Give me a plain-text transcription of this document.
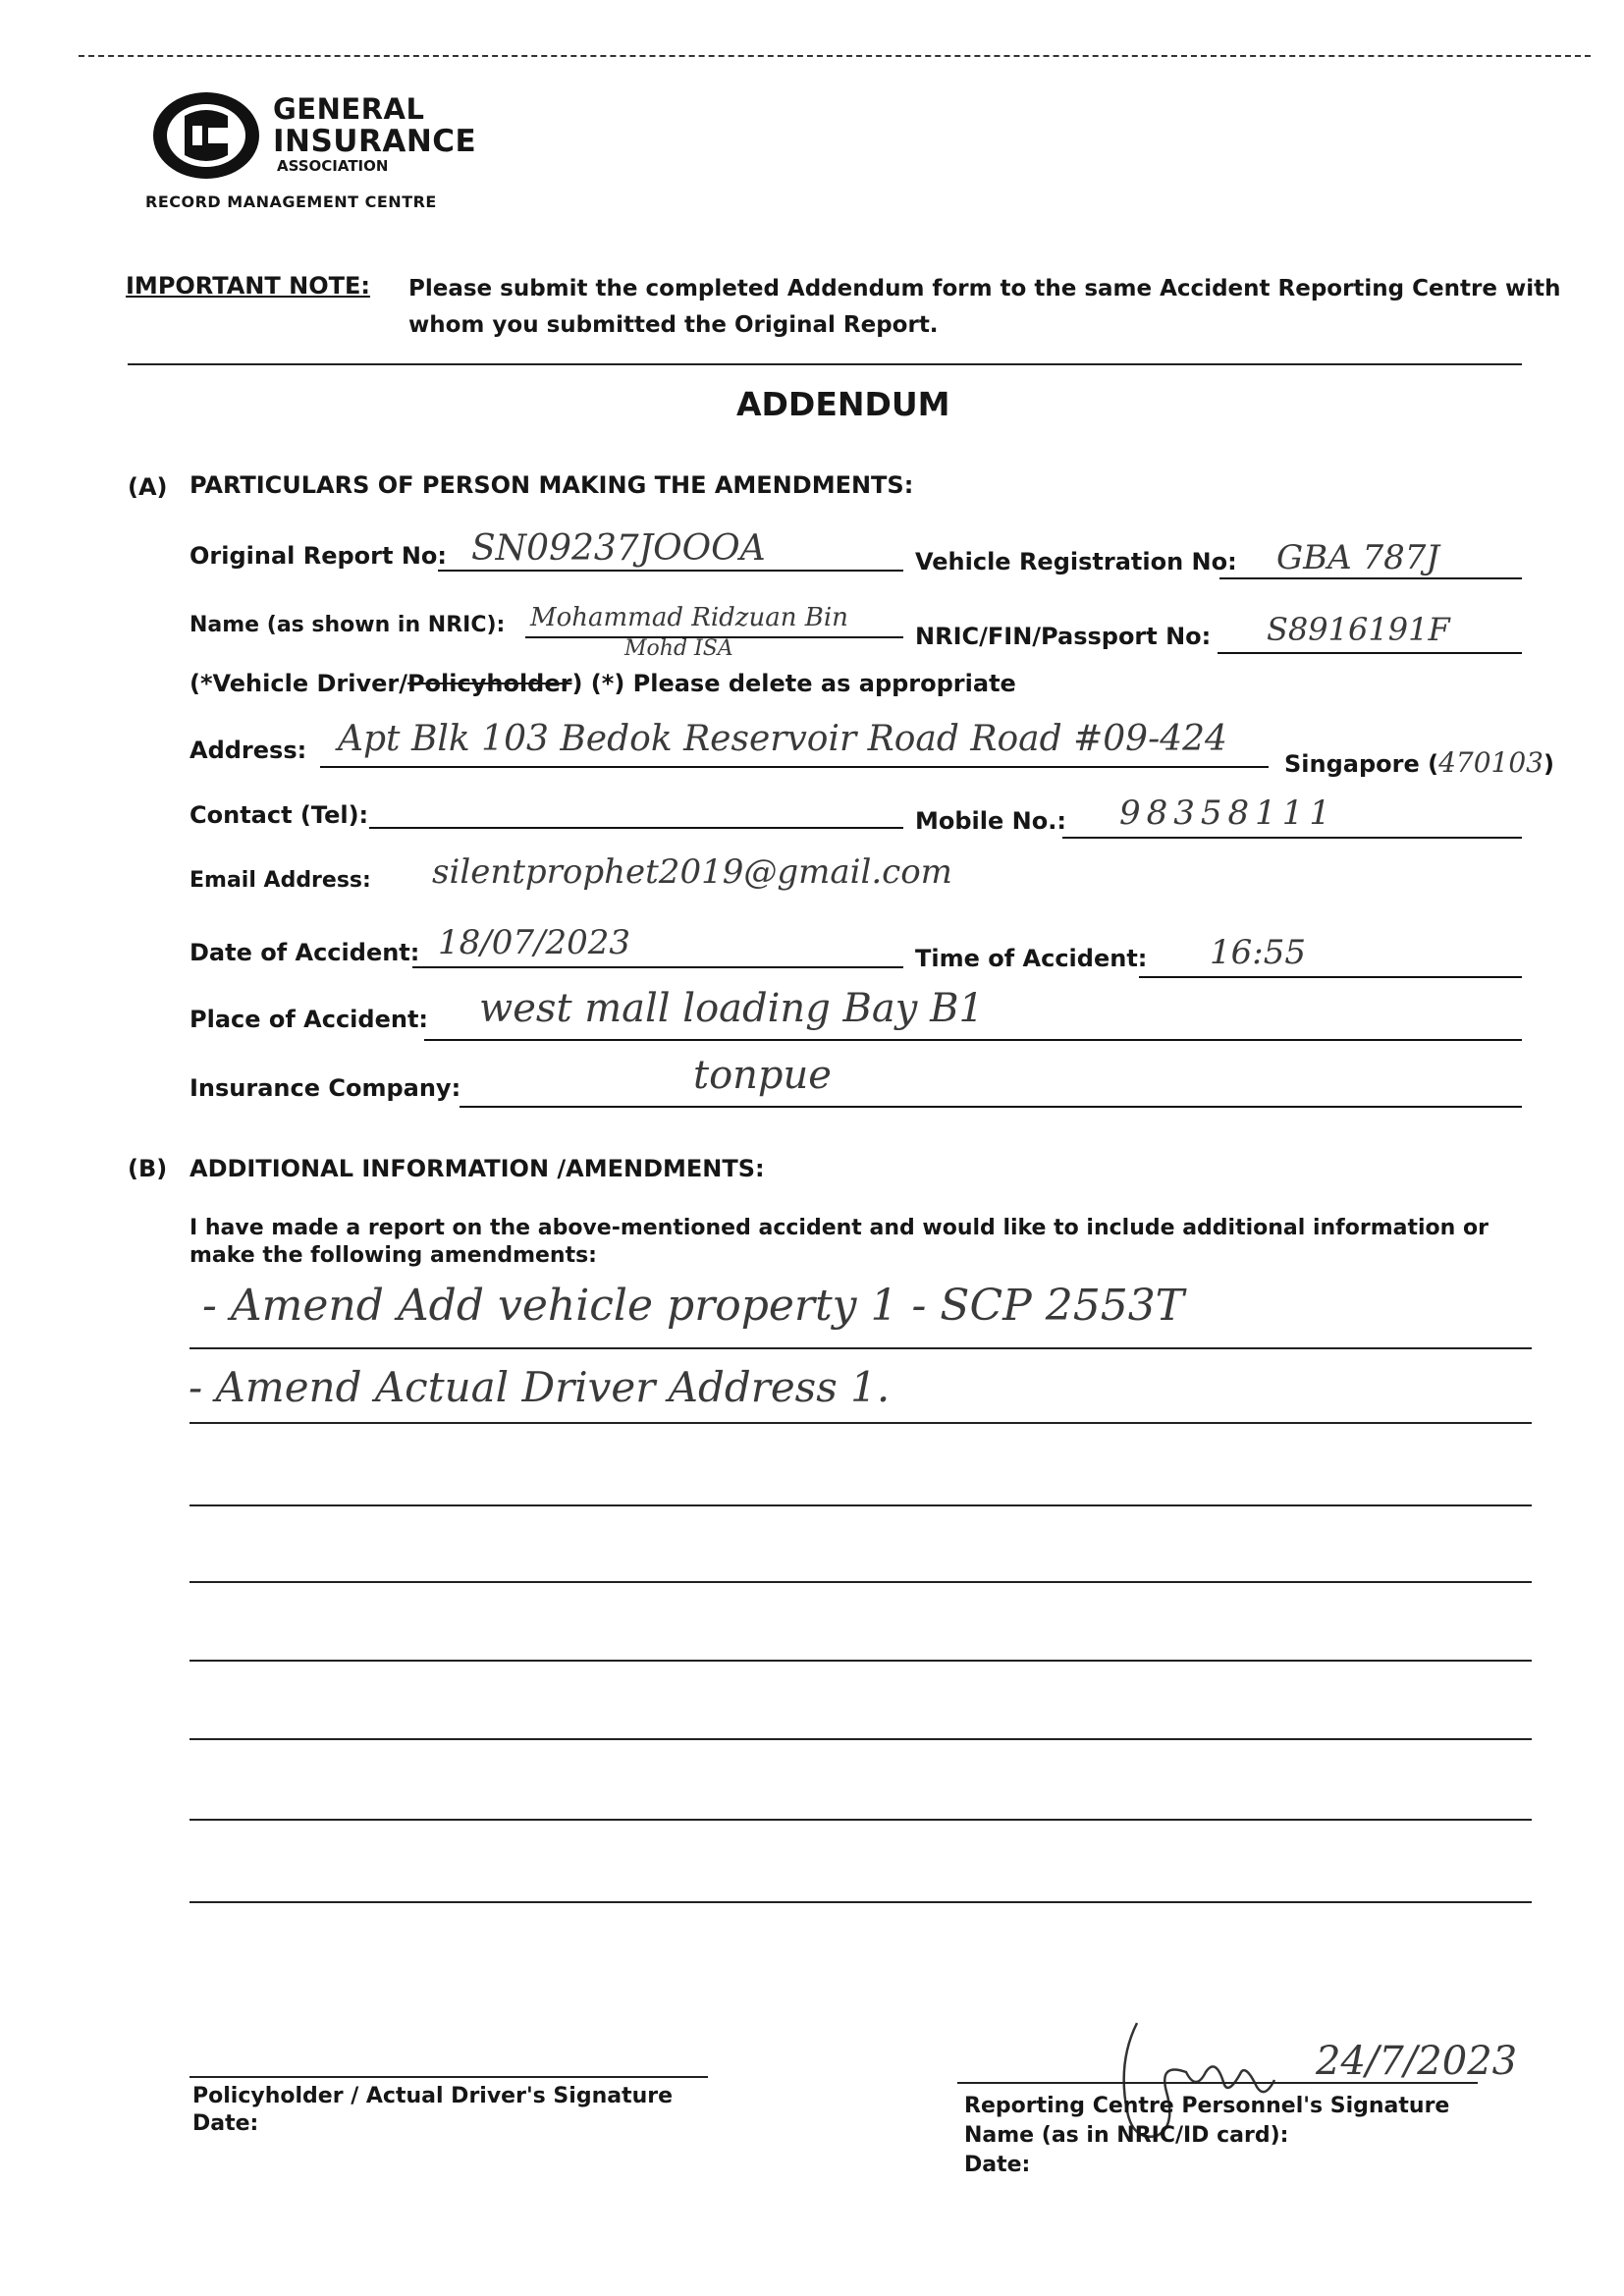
GENERAL
INSURANCE
ASSOCIATION
RECORD MANAGEMENT CENTRE
IMPORTANT NOTE: Please submit the completed Addendum form to the same Accident Reporting Centre with
whom you submitted the Original Report.
ADDENDUM
(A) PARTICULARS OF PERSON MAKING THE AMENDMENTS:
Original Report No: SN09237JOOOA	Vehicle Registration No: GBA 787J
Name (as shown in NRIC): Mohammad Ridzuan Bin
Mohd ISA	NRIC/FIN/Passport No: S8916191F
(*Vehicle Driver/Policyholder) (*) Please delete as appropriate
Address: Apt Blk 103 Bedok Reservoir Road Road #09-424
Singapore (470103)
Contact (Tel):	Mobile No.: 98358111
Email Address: silentprophet2019@gmail.com
Date of Accident: 18/07/2023	Time of Accident: 16:55
Place of Accident: west mall loading Bay B1
Insurance Company:	tonpue
(B) ADDITIONAL INFORMATION /AMENDMENTS:
I have made a report on the above-mentioned accident and would like to include additional information or
make the following amendments:
- Amend Add vehicle property 1 - SCP 2553T
- Amend Actual Driver Address 1.
Policyholder / Actual Driver's Signature
Date:
24/7/2023
Reporting Centre Personnel's Signature
Name (as in NRIC/ID card):
Date:
